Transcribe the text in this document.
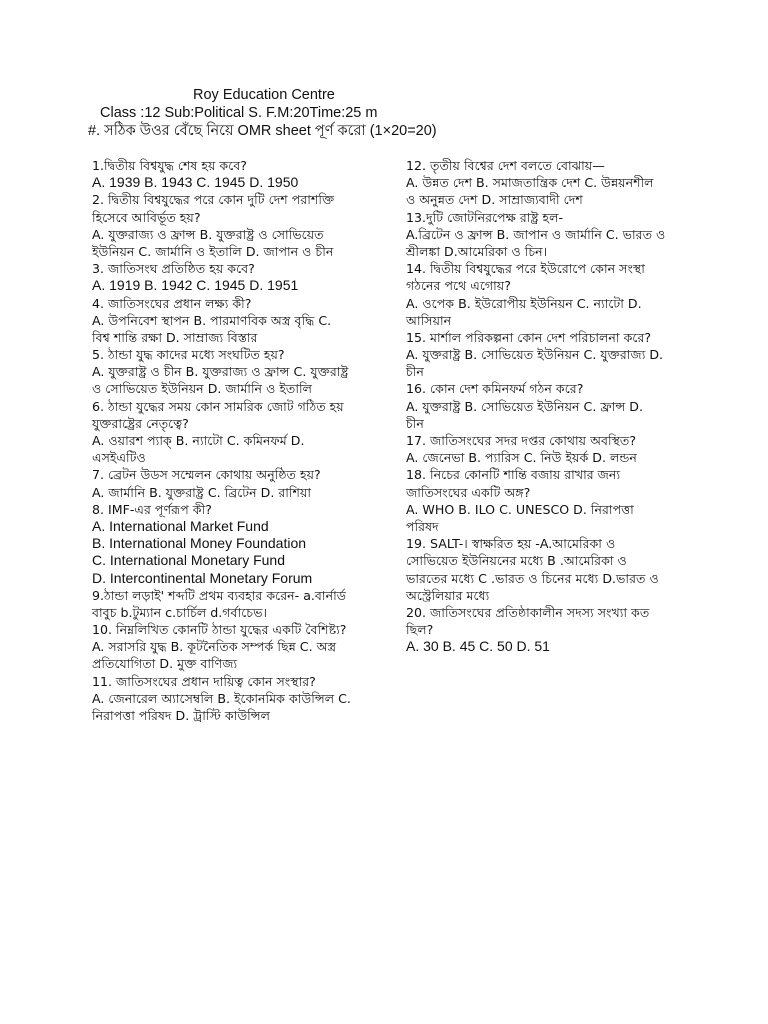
Roy Education Centre

Class :12 Sub:Political S. F.M:20Time:25 m

#. সঠিক উওর বেঁছে নিয়ে OMR sheet পূর্ণ করো (1×20=20)

1.দ্বিতীয় বিশ্বযুদ্ধ শেষ হয় কবে?
A. 1939 B. 1943 C. 1945 D. 1950
2. দ্বিতীয় বিশ্বযুদ্ধের পরে কোন দুটি দেশ পরাশক্তি
হিসেবে আবির্ভূত হয়?
A. যুক্তরাজ্য ও ফ্রান্স B. যুক্তরাষ্ট্র ও সোভিয়েত
ইউনিয়ন C. জার্মানি ও ইতালি D. জাপান ও চীন
3. জাতিসংঘ প্রতিষ্ঠিত হয় কবে?
A. 1919 B. 1942 C. 1945 D. 1951
4. জাতিসংঘের প্রধান লক্ষ্য কী?
A. উপনিবেশ স্থাপন B. পারমাণবিক অস্ত্র বৃদ্ধি C.
বিশ্ব শান্তি রক্ষা D. সাম্রাজ্য বিস্তার
5. ঠান্ডা যুদ্ধ কাদের মধ্যে সংঘটিত হয়?
A. যুক্তরাষ্ট্র ও চীন B. যুক্তরাজ্য ও ফ্রান্স C. যুক্তরাষ্ট্র
ও সোভিয়েত ইউনিয়ন D. জার্মানি ও ইতালি
6. ঠান্ডা যুদ্ধের সময় কোন সামরিক জোট গঠিত হয়
যুক্তরাষ্ট্রের নেতৃত্বে?
A. ওয়ারশ প্যাক্ B. ন্যাটো C. কমিনফর্ম D.
এসইএটিও
7. ব্রেটন উডস সম্মেলন কোথায় অনুষ্ঠিত হয়?
A. জার্মানি B. যুক্তরাষ্ট্র C. ব্রিটেন D. রাশিয়া
8. IMF-এর পূর্ণরূপ কী?
A. International Market Fund
B. International Money Foundation
C. International Monetary Fund
D. Intercontinental Monetary Forum
9.ঠান্ডা লড়াই' শব্দটি প্রথম ব্যবহার করেন- a.বার্নার্ড
বাবুচ b.টুম্যান c.চার্চিল d.গর্বাচেভ।
10. নিম্নলিখিত কোনটি ঠান্ডা যুদ্ধের একটি বৈশিষ্ট্য?
A. সরাসরি যুদ্ধ B. কূটনৈতিক সম্পর্ক ছিন্ন C. অস্ত্র
প্রতিযোগিতা D. মুক্ত বাণিজ্য
11. জাতিসংঘের প্রধান দায়িত্ব কোন সংস্থার?
A. জেনারেল অ্যাসেম্বলি B. ইকোনমিক কাউন্সিল C.
নিরাপত্তা পরিষদ D. ট্রাস্টি কাউন্সিল
12. তৃতীয় বিশ্বের দেশ বলতে বোঝায়—
A. উন্নত দেশ B. সমাজতান্ত্রিক দেশ C. উন্নয়নশীল
ও অনুন্নত দেশ D. সাম্রাজ্যবাদী দেশ
13.দুটি জোটনিরপেক্ষ রাষ্ট্র হল-
A.ব্রিটেন ও ফ্রান্স B. জাপান ও জার্মানি C. ভারত ও
শ্রীলঙ্কা D.আমেরিকা ও চিন।
14. দ্বিতীয় বিশ্বযুদ্ধের পরে ইউরোপে কোন সংস্থা
গঠনের পথে এগোয়?
A. ওপেক B. ইউরোপীয় ইউনিয়ন C. ন্যাটো D.
আসিয়ান
15. মার্শাল পরিকল্পনা কোন দেশ পরিচালনা করে?
A. যুক্তরাষ্ট্র B. সোভিয়েত ইউনিয়ন C. যুক্তরাজ্য D.
চীন
16. কোন দেশ কমিনফর্ম গঠন করে?
A. যুক্তরাষ্ট্র B. সোভিয়েত ইউনিয়ন C. ফ্রান্স D.
চীন
17. জাতিসংঘের সদর দপ্তর কোথায় অবস্থিত?
A. জেনেভা B. প্যারিস C. নিউ ইয়র্ক D. লন্ডন
18. নিচের কোনটি শান্তি বজায় রাখার জন্য
জাতিসংঘের একটি অঙ্গ?
A. WHO B. ILO C. UNESCO D. নিরাপত্তা
পরিষদ
19. SALT-। স্বাক্ষরিত হয় -A.আমেরিকা ও
সোভিয়েত ইউনিয়নের মধ্যে B .আমেরিকা ও
ভারতের মধ্যে C .ভারত ও চিনের মধ্যে D.ভারত ও
অস্ট্রেলিয়ার মধ্যে
20. জাতিসংঘের প্রতিষ্ঠাকালীন সদস্য সংখ্যা কত
ছিল?
A. 30 B. 45 C. 50 D. 51
